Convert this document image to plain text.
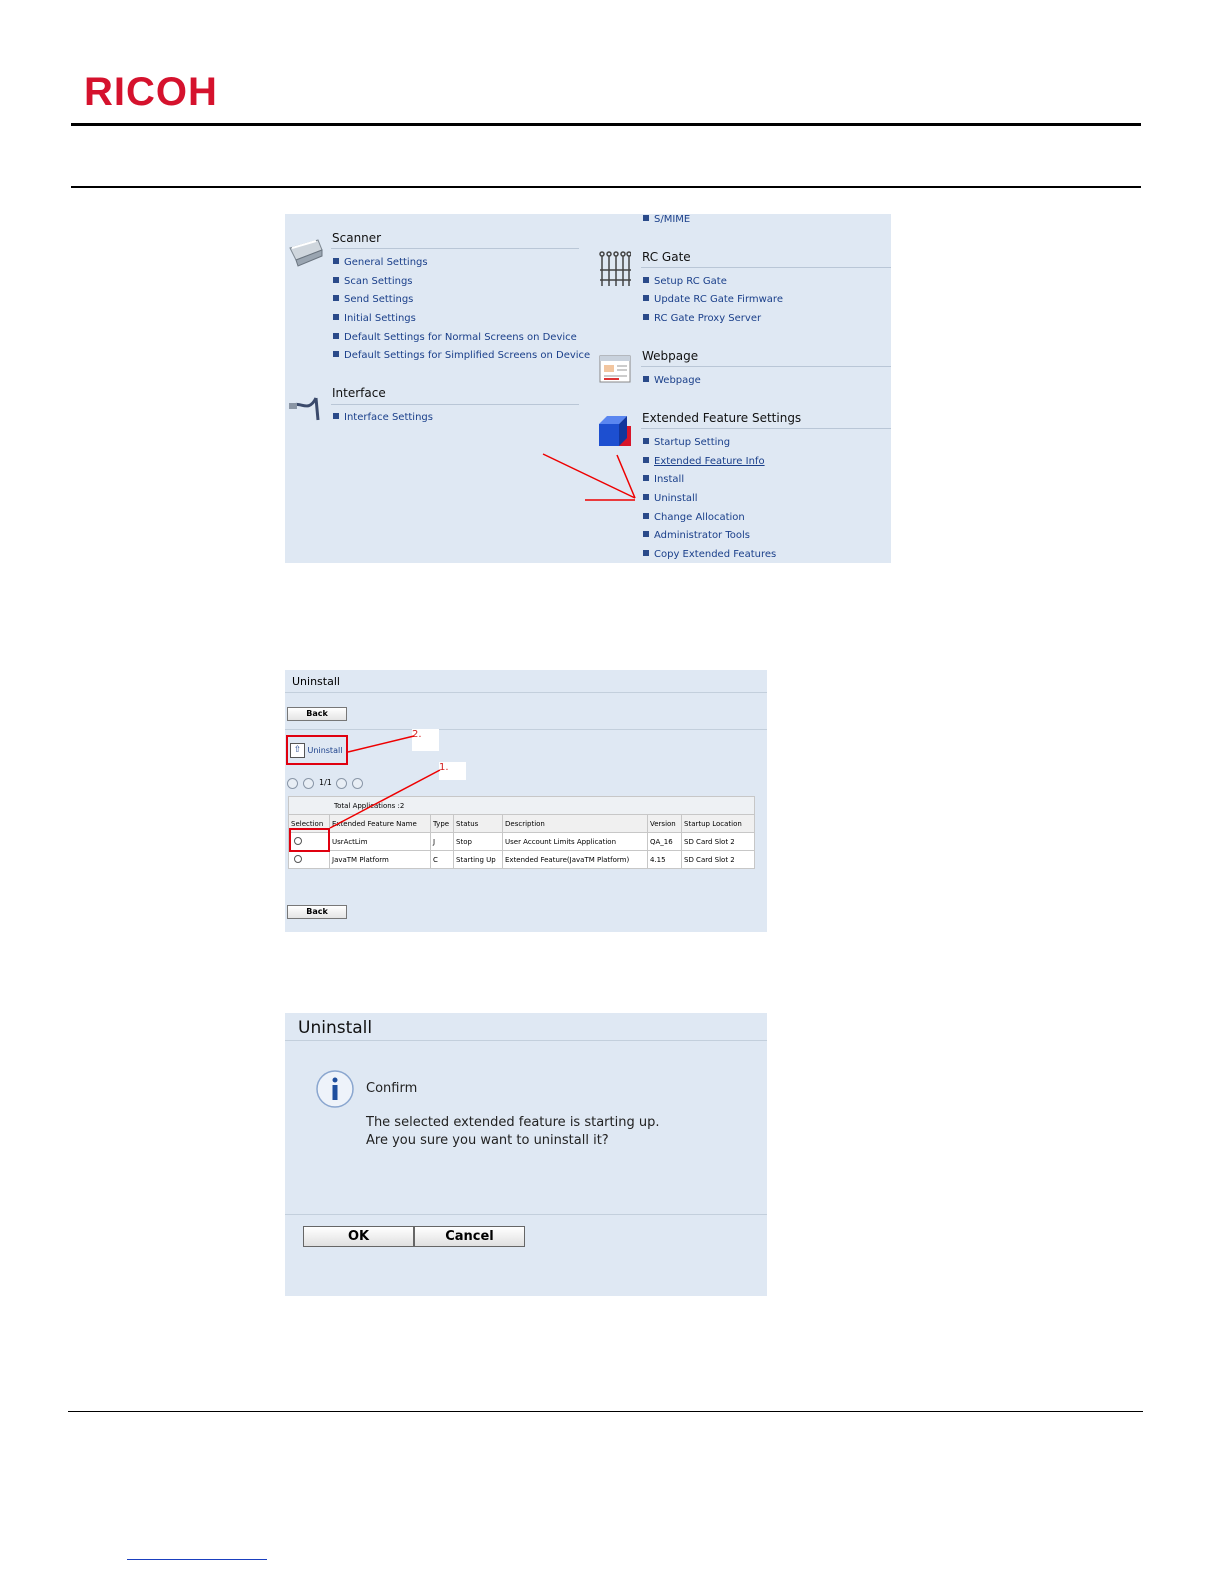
RICOH
Scanner
General Settings
Scan Settings
Send Settings
Initial Settings
Default Settings for Normal Screens on Device
Default Settings for Simplified Screens on Device
Interface
Interface Settings
S/MIME
RC Gate
Setup RC Gate
Update RC Gate Firmware
RC Gate Proxy Server
Webpage
Webpage
Extended Feature Settings
Startup Setting
Extended Feature Info
Install
Uninstall
Change Allocation
Administrator Tools
Copy Extended Features
Uninstall
Back
⇧ Uninstall
2.
1.
1/1
Total Applications :2						
Selection	Extended Feature Name	Type	Status	Description	Version	Startup Location
	UsrActLim	J	Stop	User Account Limits Application	QA_16	SD Card Slot 2
	JavaTM Platform	C	Starting Up	Extended Feature(JavaTM Platform)	4.15	SD Card Slot 2
Back
Uninstall
Confirm
The selected extended feature is starting up.
Are you sure you want to uninstall it?
OK	Cancel
